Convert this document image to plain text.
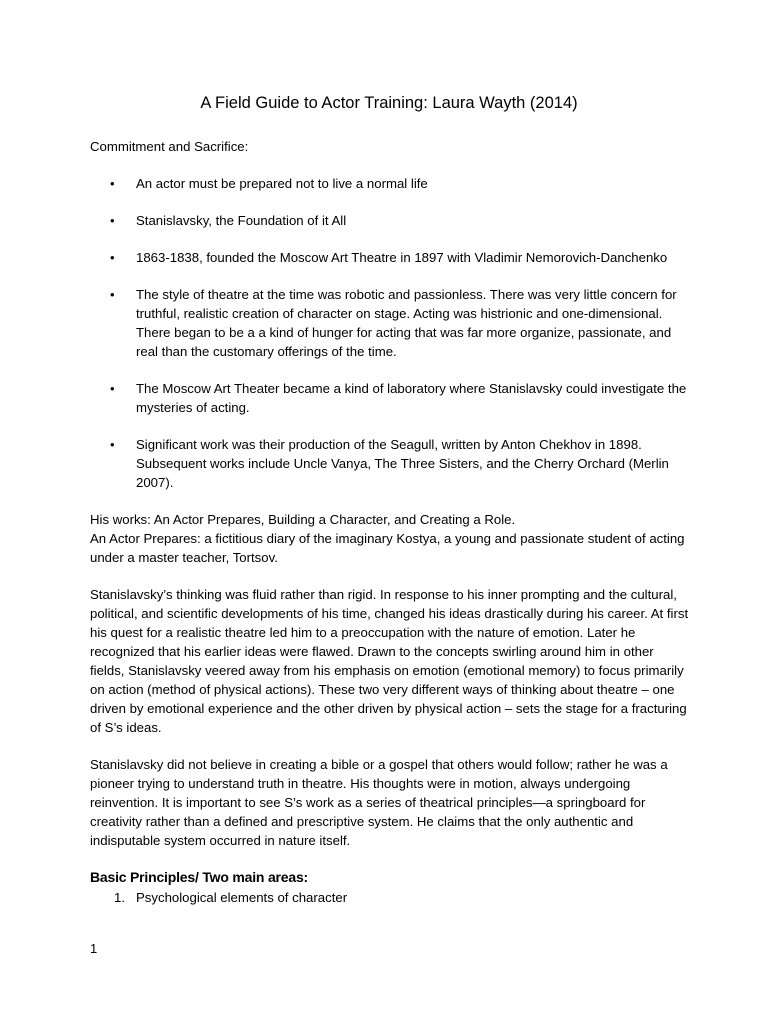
A Field Guide to Actor Training: Laura Wayth (2014)

Commitment and Sacrifice:

• An actor must be prepared not to live a normal life
• Stanislavsky, the Foundation of it All
• 1863-1838, founded the Moscow Art Theatre in 1897 with Vladimir Nemorovich-Danchenko
• The style of theatre at the time was robotic and passionless. There was very little concern for truthful, realistic creation of character on stage. Acting was histrionic and one-dimensional. There began to be a a kind of hunger for acting that was far more organize, passionate, and real than the customary offerings of the time.
• The Moscow Art Theater became a kind of laboratory where Stanislavsky could investigate the mysteries of acting.
• Significant work was their production of the Seagull, written by Anton Chekhov in 1898. Subsequent works include Uncle Vanya, The Three Sisters, and the Cherry Orchard (Merlin 2007).

His works: An Actor Prepares, Building a Character, and Creating a Role.

An Actor Prepares: a fictitious diary of the imaginary Kostya, a young and passionate student of acting under a master teacher, Tortsov.

Stanislavsky’s thinking was fluid rather than rigid. In response to his inner prompting and the cultural, political, and scientific developments of his time, changed his ideas drastically during his career. At first his quest for a realistic theatre led him to a preoccupation with the nature of emotion. Later he recognized that his earlier ideas were flawed. Drawn to the concepts swirling around him in other fields, Stanislavsky veered away from his emphasis on emotion (emotional memory) to focus primarily on action (method of physical actions). These two very different ways of thinking about theatre – one driven by emotional experience and the other driven by physical action – sets the stage for a fracturing of S’s ideas.

Stanislavsky did not believe in creating a bible or a gospel that others would follow; rather he was a pioneer trying to understand truth in theatre. His thoughts were in motion, always undergoing reinvention. It is important to see S’s work as a series of theatrical principles—a springboard for creativity rather than a defined and prescriptive system. He claims that the only authentic and indisputable system occurred in nature itself.

Basic Principles/ Two main areas:
1. Psychological elements of character
1
